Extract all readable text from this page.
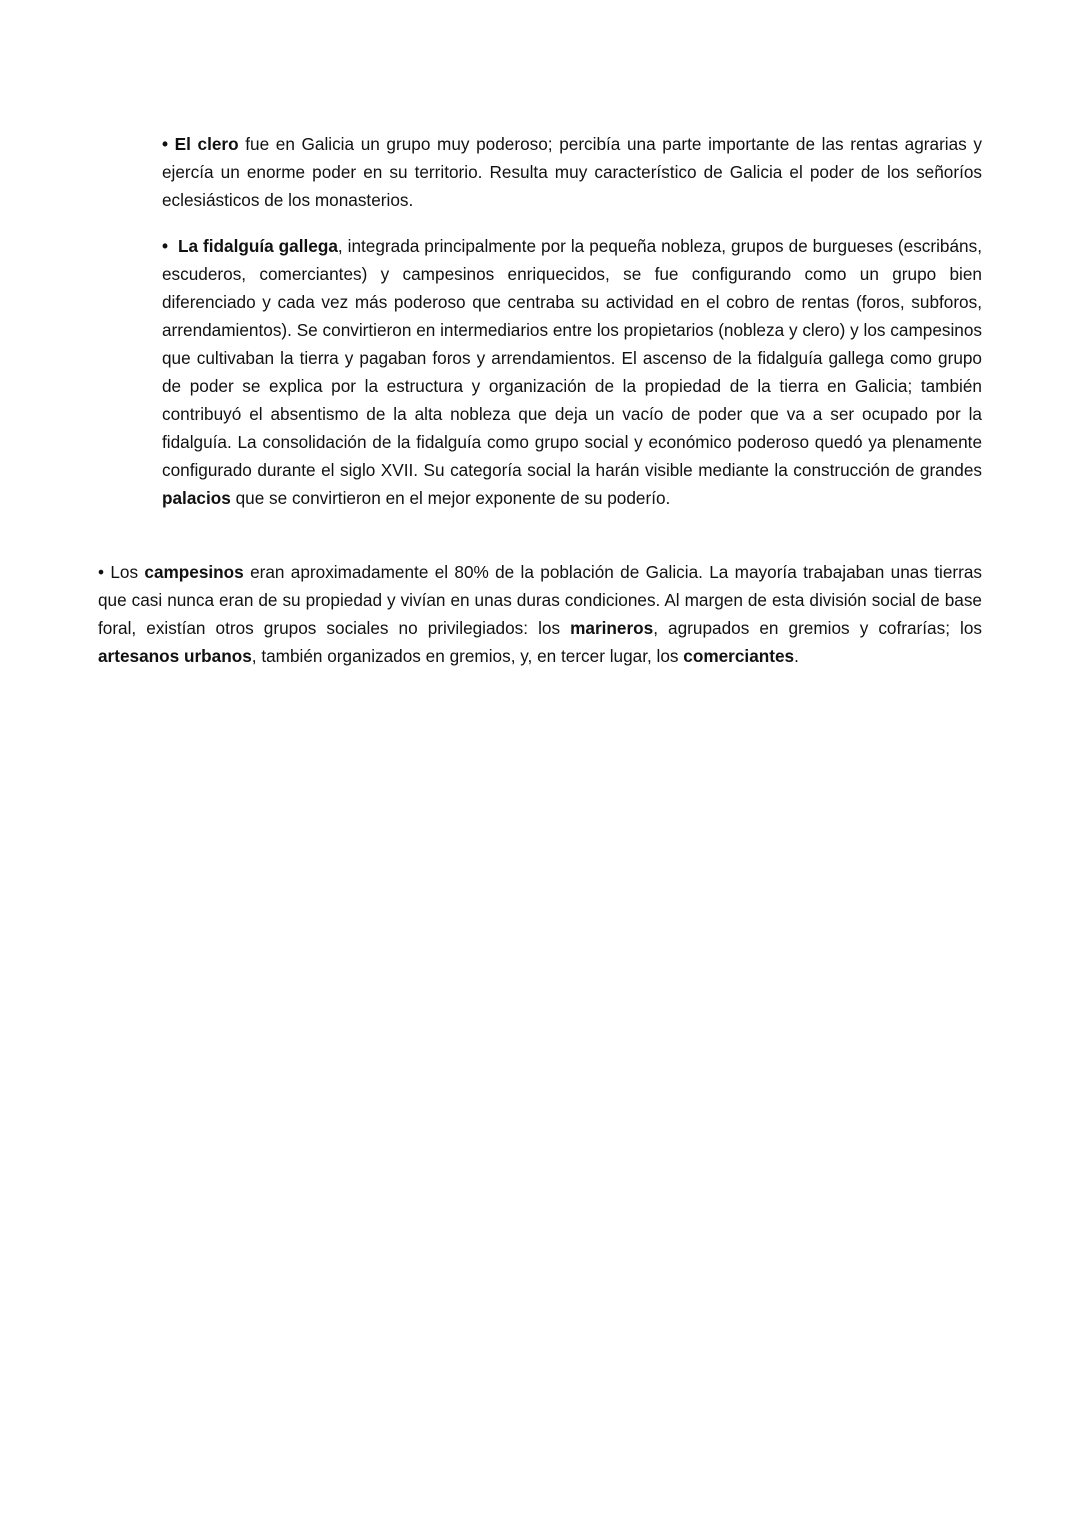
• El clero fue en Galicia un grupo muy poderoso; percibía una parte importante de las rentas agrarias y ejercía un enorme poder en su territorio. Resulta muy característico de Galicia el poder de los señoríos eclesiásticos de los monasterios.

• La fidalguía gallega, integrada principalmente por la pequeña nobleza, grupos de burgueses (escribáns, escuderos, comerciantes) y campesinos enriquecidos, se fue configurando como un grupo bien diferenciado y cada vez más poderoso que centraba su actividad en el cobro de rentas (foros, subforos, arrendamientos). Se convirtieron en intermediarios entre los propietarios (nobleza y clero) y los campesinos que cultivaban la tierra y pagaban foros y arrendamientos. El ascenso de la fidalguía gallega como grupo de poder se explica por la estructura y organización de la propiedad de la tierra en Galicia; también contribuyó el absentismo de la alta nobleza que deja un vacío de poder que va a ser ocupado por la fidalguía. La consolidación de la fidalguía como grupo social y económico poderoso quedó ya plenamente configurado durante el siglo XVII. Su categoría social la harán visible mediante la construcción de grandes palacios que se convirtieron en el mejor exponente de su poderío.

• Los campesinos eran aproximadamente el 80% de la población de Galicia. La mayoría trabajaban unas tierras que casi nunca eran de su propiedad y vivían en unas duras condiciones. Al margen de esta división social de base foral, existían otros grupos sociales no privilegiados: los marineros, agrupados en gremios y cofrarías; los artesanos urbanos, también organizados en gremios, y, en tercer lugar, los comerciantes.
